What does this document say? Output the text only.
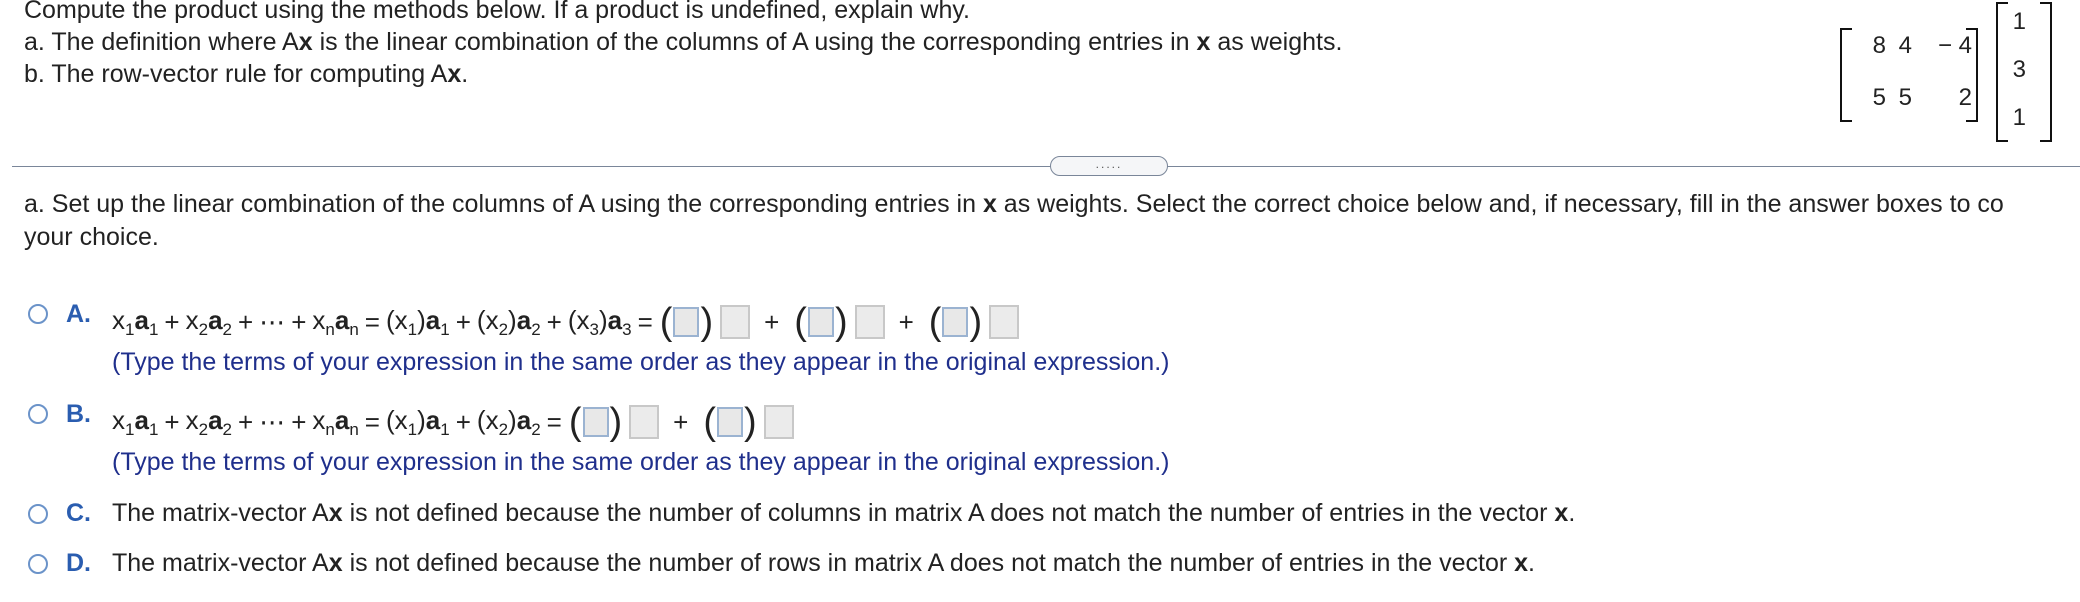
Compute the product using the methods below. If a product is undefined, explain why.
a. The definition where Ax is the linear combination of the columns of A using the corresponding entries in x as weights.
b. The row-vector rule for computing Ax.
8 4	− 4
5 5	2
1
3
1
.....
a. Set up the linear combination of the columns of A using the corresponding entries in x as weights. Select the correct choice below and, if necessary, fill in the answer boxes to co
your choice.
A. $x_1a_1 + x_2a_2$ + ⋯ + $x_na_n = (x_1)a_1 + (x_2)a_2 + (x_3)a_3$ = ( ) + ( ) + ( )
(Type the terms of your expression in the same order as they appear in the original expression.)
B. $x_1a_1 + x_2a_2$ + ⋯ + $x_na_n = (x_1)a_1 + (x_2)a_2$ = ( ) + ( )
(Type the terms of your expression in the same order as they appear in the original expression.)
C. The matrix-vector Ax is not defined because the number of columns in matrix A does not match the number of entries in the vector x.
D. The matrix-vector Ax is not defined because the number of rows in matrix A does not match the number of entries in the vector x.
